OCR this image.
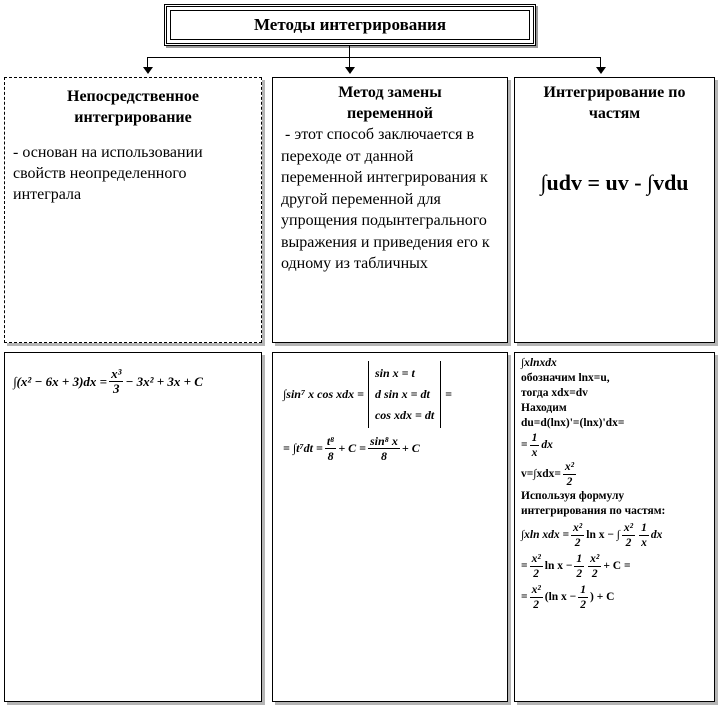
Методы интегрирования
Непосредственное интегрирование
- основан на использовании свойств неопределенного интеграла
Метод замены переменной
- этот способ заключается в переходе от данной переменной интегрирования к другой переменной для упрощения подынтегрального выражения и приведения его к одному из табличных
Интегрирование по частям
∫udv = uv - ∫vdu
$\int(x^2 - 6x + 3)dx = \frac{\text{x³}}{3} - 3x^2 + 3x + C$
∫sin⁷ x cos xdx =
sin x = t
d sin x = dt
cos xdx = dt
=
= $\int t^7dt = \frac{\text{t⁸}}{8} + C = \frac{\text{sin⁸ x}}{8} + C$
∫xlnxdx
обозначим lnx=u,
тогда xdx=dv
Находим
du=d(lnx)'=(lnx)'dx=
= $\frac{1}{x}$ dx
$v=\int xdx= \frac{\text{x²}}{2}$
Используя формулу
интегрирования по частям:
∫xln xdx = $\frac{\text{x²}}{2}$ ln x − ∫ $\frac{\text{x²}}{2} \frac{1}{x}$ dx
= $\frac{\text{x²}}{2}$ $\ln x - \frac{1}{2} \frac{\text{x²}}{2} + C$ =
= $\frac{\text{x²}}{2} (\ln$ $x - \frac{1}{2}$ ) + C
